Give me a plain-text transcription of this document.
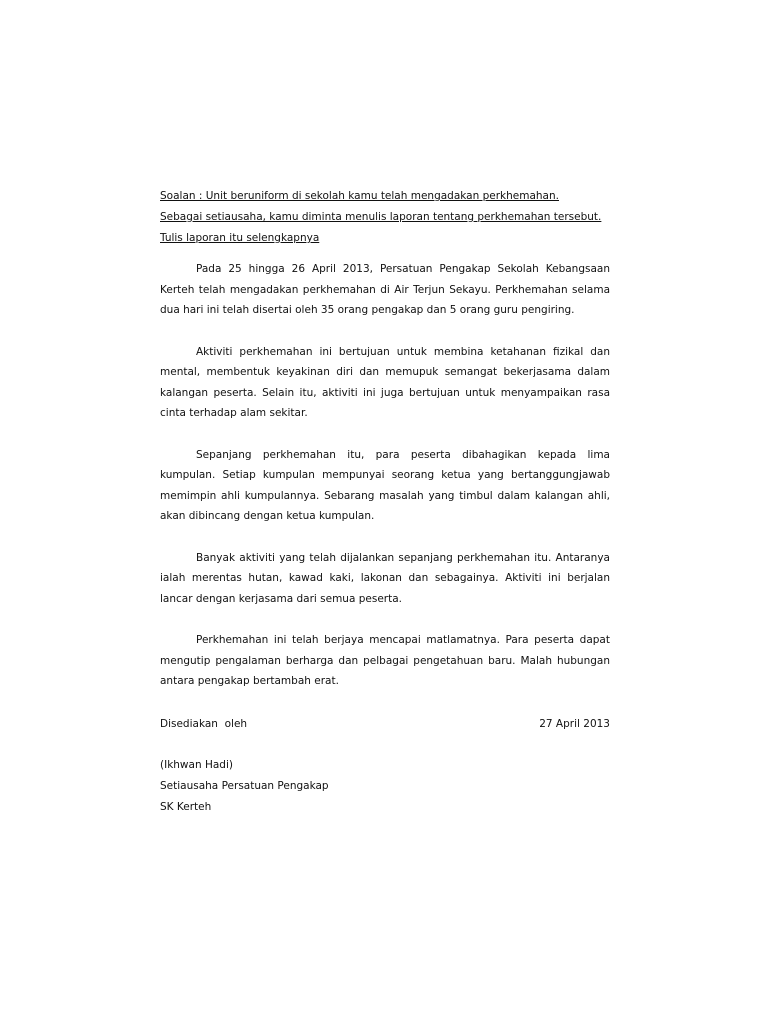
Soalan : Unit beruniform di sekolah kamu telah mengadakan perkhemahan.

Sebagai setiausaha, kamu diminta menulis laporan tentang perkhemahan tersebut.

Tulis laporan itu selengkapnya

Pada 25 hingga 26 April 2013, Persatuan Pengakap Sekolah Kebangsaan Kerteh telah mengadakan perkhemahan di Air Terjun Sekayu. Perkhemahan selama dua hari ini telah disertai oleh 35 orang pengakap dan 5 orang guru pengiring.

Aktiviti perkhemahan ini bertujuan untuk membina ketahanan fizikal dan mental, membentuk keyakinan diri dan memupuk semangat bekerjasama dalam kalangan peserta. Selain itu, aktiviti ini juga bertujuan untuk menyampaikan rasa cinta terhadap alam sekitar.

Sepanjang perkhemahan itu, para peserta dibahagikan kepada lima kumpulan. Setiap kumpulan mempunyai seorang ketua yang bertanggungjawab memimpin ahli kumpulannya. Sebarang masalah yang timbul dalam kalangan ahli, akan dibincang dengan ketua kumpulan.

Banyak aktiviti yang telah dijalankan sepanjang perkhemahan itu. Antaranya ialah merentas hutan, kawad kaki, lakonan dan sebagainya. Aktiviti ini berjalan lancar dengan kerjasama dari semua peserta.

Perkhemahan ini telah berjaya mencapai matlamatnya. Para peserta dapat mengutip pengalaman berharga dan pelbagai pengetahuan baru. Malah hubungan antara pengakap bertambah erat.

Disediakan  oleh	27 April 2013

(Ikhwan Hadi)

Setiausaha Persatuan Pengakap

SK Kerteh
